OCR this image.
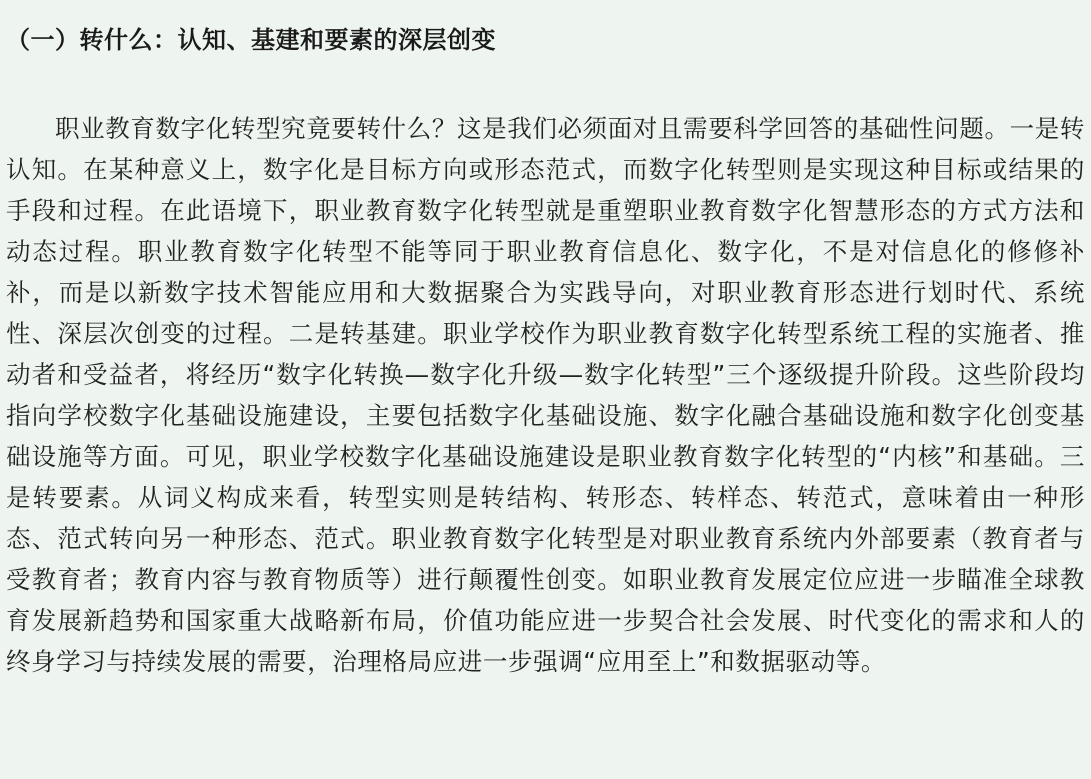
（一）转什么：认知、基建和要素的深层创变

职业教育数字化转型究竟要转什么？这是我们必须面对且需要科学回答的基础性问题。一是转认知。在某种意义上，数字化是目标方向或形态范式，而数字化转型则是实现这种目标或结果的手段和过程。在此语境下，职业教育数字化转型就是重塑职业教育数字化智慧形态的方式方法和动态过程。职业教育数字化转型不能等同于职业教育信息化、数字化，不是对信息化的修修补补，而是以新数字技术智能应用和大数据聚合为实践导向，对职业教育形态进行划时代、系统性、深层次创变的过程。二是转基建。职业学校作为职业教育数字化转型系统工程的实施者、推动者和受益者，将经历“数字化转换—数字化升级—数字化转型”三个逐级提升阶段。这些阶段均指向学校数字化基础设施建设，主要包括数字化基础设施、数字化融合基础设施和数字化创变基础设施等方面。可见，职业学校数字化基础设施建设是职业教育数字化转型的“内核”和基础。三是转要素。从词义构成来看，转型实则是转结构、转形态、转样态、转范式，意味着由一种形态、范式转向另一种形态、范式。职业教育数字化转型是对职业教育系统内外部要素（教育者与受教育者；教育内容与教育物质等）进行颠覆性创变。如职业教育发展定位应进一步瞄准全球教育发展新趋势和国家重大战略新布局，价值功能应进一步契合社会发展、时代变化的需求和人的终身学习与持续发展的需要，治理格局应进一步强调“应用至上”和数据驱动等。
